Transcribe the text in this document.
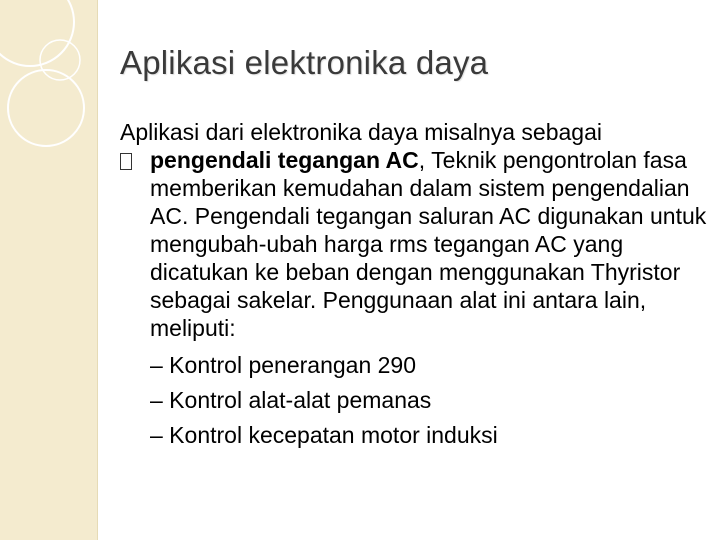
Aplikasi elektronika daya

Aplikasi dari elektronika daya misalnya sebagai

pengendali tegangan AC, Teknik pengontrolan fasa memberikan kemudahan dalam sistem pengendalian AC. Pengendali tegangan saluran AC digunakan untuk mengubah-ubah harga rms tegangan AC yang dicatukan ke beban dengan menggunakan Thyristor sebagai sakelar. Penggunaan alat ini antara lain, meliputi:

– Kontrol penerangan 290
– Kontrol alat-alat pemanas
– Kontrol kecepatan motor induksi
